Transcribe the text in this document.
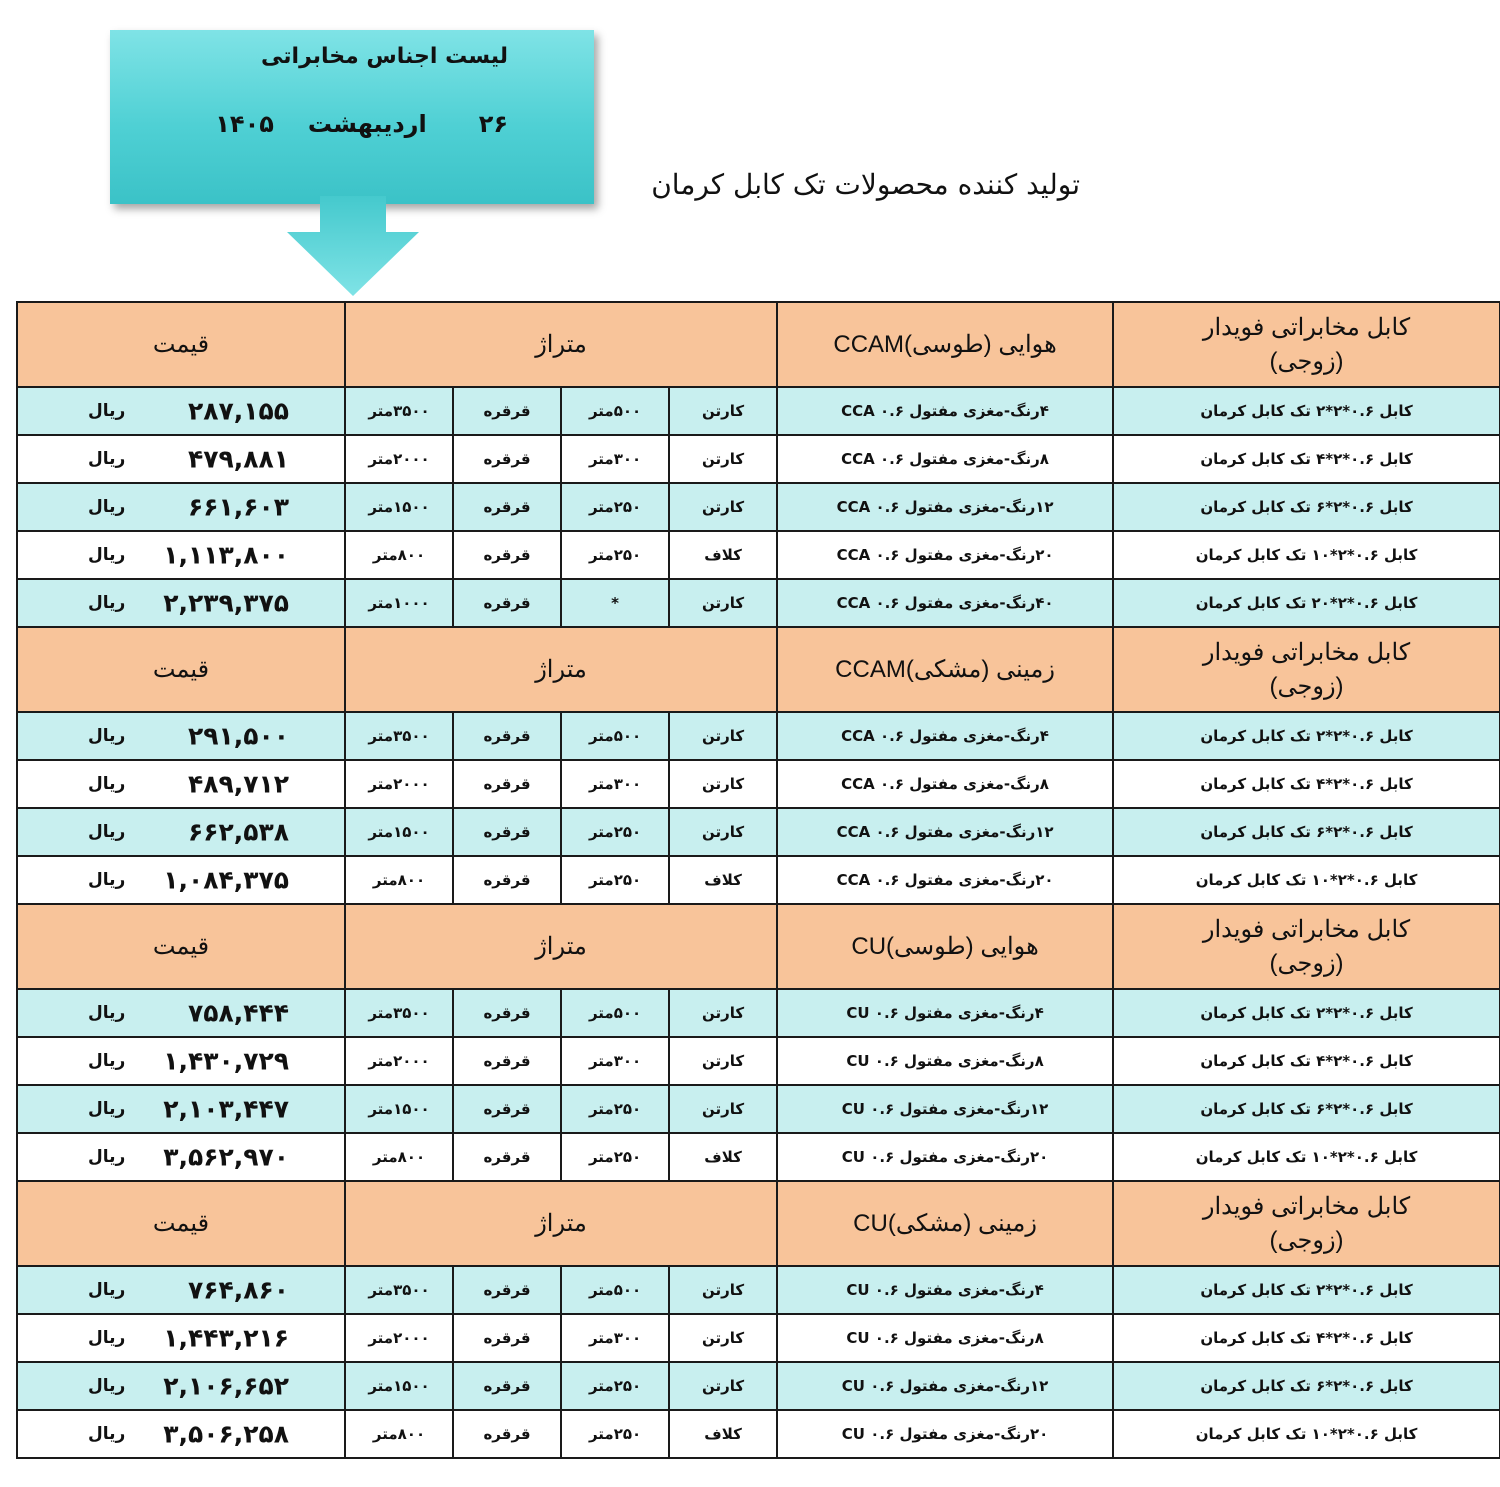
لیست اجناس مخابراتی
۲۶اردیبهشت۱۴۰۵
تولید کننده محصولات تک کابل کرمان
کابل مخابراتی فویدار (زوجی)	هوایی (طوسی)CCAM	متراژ				قیمت
کابل ۰.۶*۲*۲ تک کابل کرمان	۴رنگ-مغزی مفتول ۰.۶ CCA	کارتن	۵۰۰متر	قرقره	۳۵۰۰متر	۲۸۷,۱۵۵
ریال

کابل ۰.۶*۲*۴ تک کابل کرمان	۸رنگ-مغزی مفتول ۰.۶ CCA	کارتن	۳۰۰متر	قرقره	۲۰۰۰متر	۴۷۹,۸۸۱
ریال

کابل ۰.۶*۲*۶ تک کابل کرمان	۱۲رنگ-مغزی مفتول ۰.۶ CCA	کارتن	۲۵۰متر	قرقره	۱۵۰۰متر	۶۶۱,۶۰۳
ریال

کابل ۰.۶*۲*۱۰ تک کابل کرمان	۲۰رنگ-مغزی مفتول ۰.۶ CCA	کلاف	۲۵۰متر	قرقره	۸۰۰متر	۱,۱۱۳,۸۰۰
ریال

کابل ۰.۶*۲*۲۰ تک کابل کرمان	۴۰رنگ-مغزی مفتول ۰.۶ CCA	کارتن	*	قرقره	۱۰۰۰متر	۲,۲۳۹,۳۷۵
ریال

کابل مخابراتی فویدار (زوجی)	زمینی (مشکی)CCAM	متراژ				قیمت
کابل ۰.۶*۲*۲ تک کابل کرمان	۴رنگ-مغزی مفتول ۰.۶ CCA	کارتن	۵۰۰متر	قرقره	۳۵۰۰متر	۲۹۱,۵۰۰
ریال

کابل ۰.۶*۲*۴ تک کابل کرمان	۸رنگ-مغزی مفتول ۰.۶ CCA	کارتن	۳۰۰متر	قرقره	۲۰۰۰متر	۴۸۹,۷۱۲
ریال

کابل ۰.۶*۲*۶ تک کابل کرمان	۱۲رنگ-مغزی مفتول ۰.۶ CCA	کارتن	۲۵۰متر	قرقره	۱۵۰۰متر	۶۶۲,۵۳۸
ریال

کابل ۰.۶*۲*۱۰ تک کابل کرمان	۲۰رنگ-مغزی مفتول ۰.۶ CCA	کلاف	۲۵۰متر	قرقره	۸۰۰متر	۱,۰۸۴,۳۷۵
ریال

کابل مخابراتی فویدار (زوجی)	هوایی (طوسی)CU	متراژ				قیمت
کابل ۰.۶*۲*۲ تک کابل کرمان	۴رنگ-مغزی مفتول ۰.۶ CU	کارتن	۵۰۰متر	قرقره	۳۵۰۰متر	۷۵۸,۴۴۴
ریال

کابل ۰.۶*۲*۴ تک کابل کرمان	۸رنگ-مغزی مفتول ۰.۶ CU	کارتن	۳۰۰متر	قرقره	۲۰۰۰متر	۱,۴۳۰,۷۲۹
ریال

کابل ۰.۶*۲*۶ تک کابل کرمان	۱۲رنگ-مغزی مفتول ۰.۶ CU	کارتن	۲۵۰متر	قرقره	۱۵۰۰متر	۲,۱۰۳,۴۴۷
ریال

کابل ۰.۶*۲*۱۰ تک کابل کرمان	۲۰رنگ-مغزی مفتول ۰.۶ CU	کلاف	۲۵۰متر	قرقره	۸۰۰متر	۳,۵۶۲,۹۷۰
ریال

کابل مخابراتی فویدار (زوجی)	زمینی (مشکی)CU	متراژ				قیمت
کابل ۰.۶*۲*۲ تک کابل کرمان	۴رنگ-مغزی مفتول ۰.۶ CU	کارتن	۵۰۰متر	قرقره	۳۵۰۰متر	۷۶۴,۸۶۰
ریال

کابل ۰.۶*۲*۴ تک کابل کرمان	۸رنگ-مغزی مفتول ۰.۶ CU	کارتن	۳۰۰متر	قرقره	۲۰۰۰متر	۱,۴۴۳,۲۱۶
ریال

کابل ۰.۶*۲*۶ تک کابل کرمان	۱۲رنگ-مغزی مفتول ۰.۶ CU	کارتن	۲۵۰متر	قرقره	۱۵۰۰متر	۲,۱۰۶,۶۵۲
ریال

کابل ۰.۶*۲*۱۰ تک کابل کرمان	۲۰رنگ-مغزی مفتول ۰.۶ CU	کلاف	۲۵۰متر	قرقره	۸۰۰متر	۳,۵۰۶,۲۵۸
ریال
